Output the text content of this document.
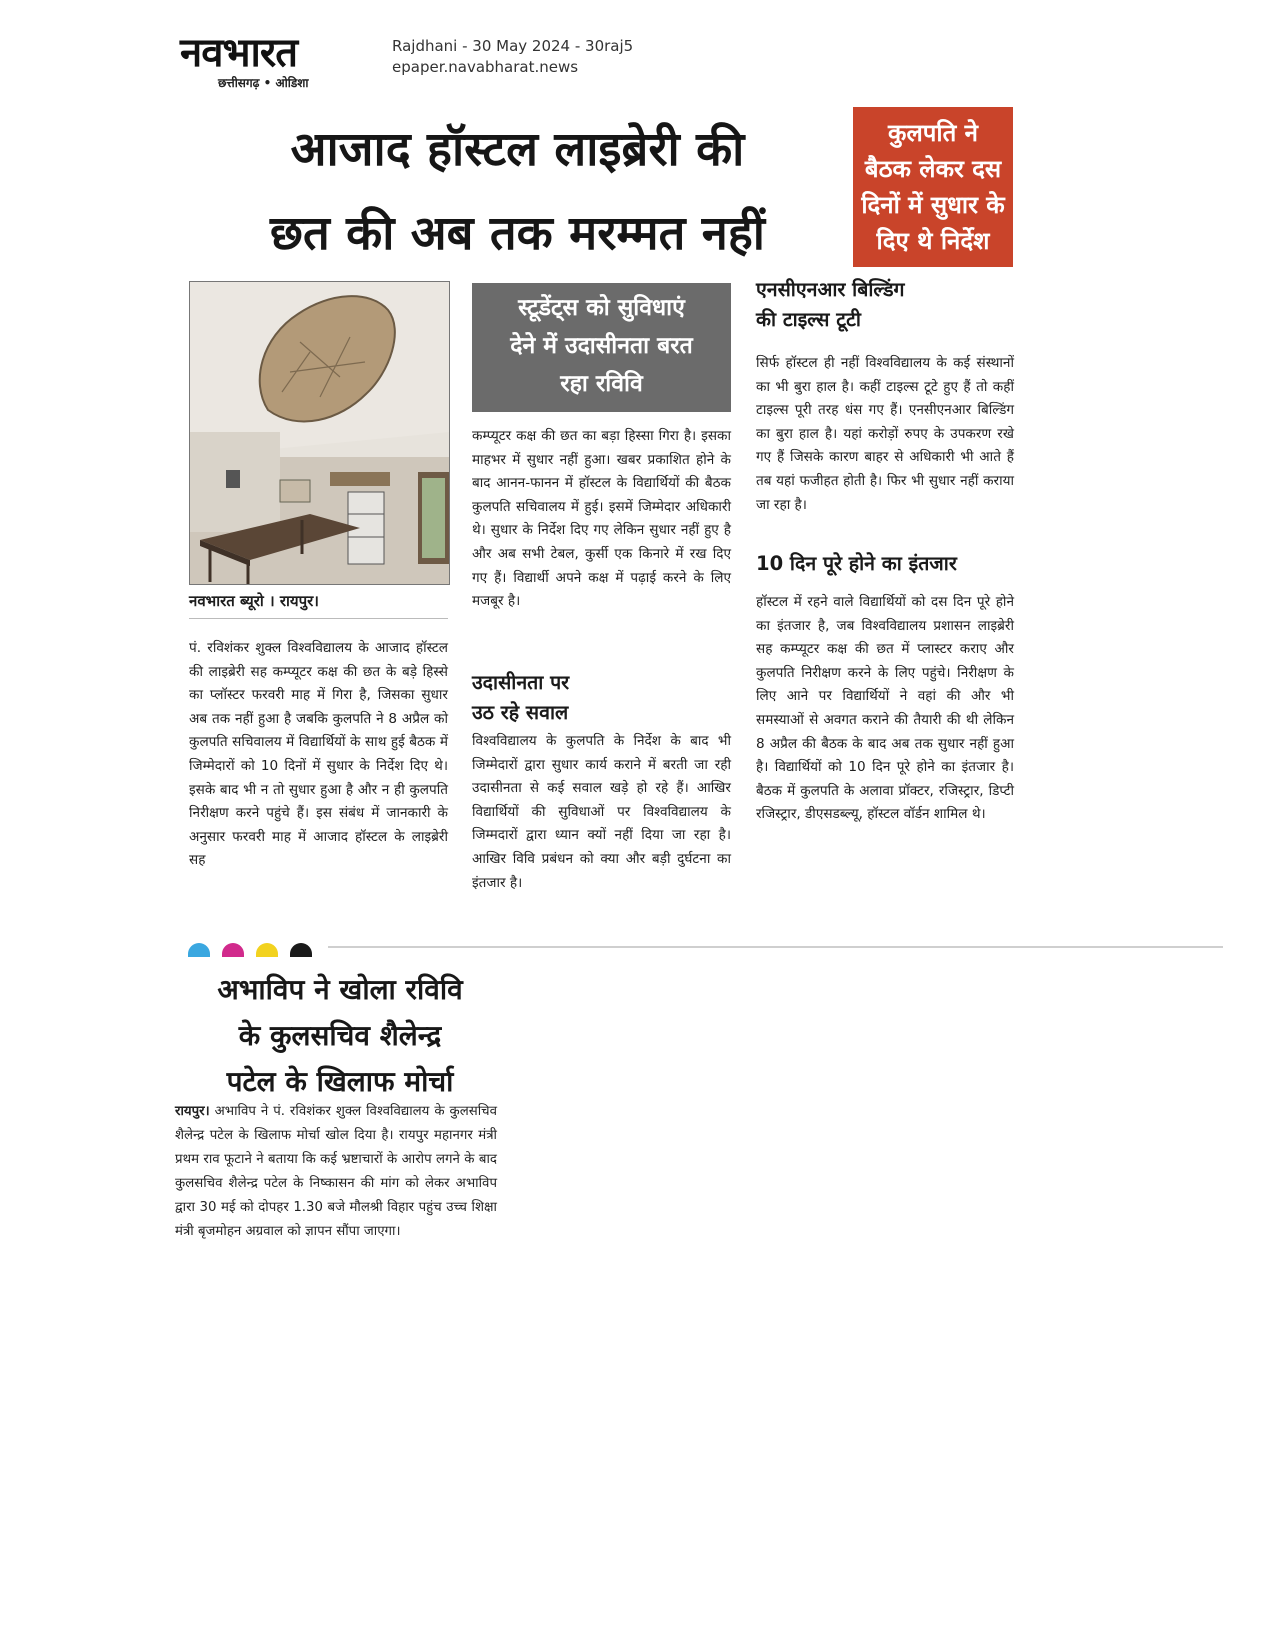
नवभारत
छत्तीसगढ़ • ओडिशा
Rajdhani - 30 May 2024 - 30raj5
epaper.navabharat.news
आजाद हॉस्टल लाइब्रेरी की
छत की अब तक मरम्मत नहीं
कुलपति ने
बैठक लेकर दस
दिनों में सुधार के
दिए थे निर्देश
नवभारत ब्यूरो । रायपुर।
पं. रविशंकर शुक्ल विश्वविद्यालय के आजाद हॉस्टल की लाइब्रेरी सह कम्प्यूटर कक्ष की छत के बड़े हिस्से का प्लॉस्टर फरवरी माह में गिरा है, जिसका सुधार अब तक नहीं हुआ है जबकि कुलपति ने 8 अप्रैल को कुलपति सचिवालय में विद्यार्थियों के साथ हुई बैठक में जिम्मेदारों को 10 दिनों में सुधार के निर्देश दिए थे। इसके बाद भी न तो सुधार हुआ है और न ही कुलपति निरीक्षण करने पहुंचे हैं। इस संबंध में जानकारी के अनुसार फरवरी माह में आजाद हॉस्टल के लाइब्रेरी सह
स्टूडेंट्स को सुविधाएं
देने में उदासीनता बरत
रहा रविवि
कम्प्यूटर कक्ष की छत का बड़ा हिस्सा गिरा है। इसका माहभर में सुधार नहीं हुआ। खबर प्रकाशित होने के बाद आनन-फानन में हॉस्टल के विद्यार्थियों की बैठक कुलपति सचिवालय में हुई। इसमें जिम्मेदार अधिकारी थे। सुधार के निर्देश दिए गए लेकिन सुधार नहीं हुए है और अब सभी टेबल, कुर्सी एक किनारे में रख दिए गए हैं। विद्यार्थी अपने कक्ष में पढ़ाई करने के लिए मजबूर है।
उदासीनता पर
उठ रहे सवाल
विश्वविद्यालय के कुलपति के निर्देश के बाद भी जिम्मेदारों द्वारा सुधार कार्य कराने में बरती जा रही उदासीनता से कई सवाल खड़े हो रहे हैं। आखिर विद्यार्थियों की सुविधाओं पर विश्वविद्यालय के जिम्मदारों द्वारा ध्यान क्यों नहीं दिया जा रहा है। आखिर विवि प्रबंधन को क्या और बड़ी दुर्घटना का इंतजार है।
एनसीएनआर बिल्डिंग
की टाइल्स टूटी
सिर्फ हॉस्टल ही नहीं विश्वविद्यालय के कई संस्थानों का भी बुरा हाल है। कहीं टाइल्स टूटे हुए हैं तो कहीं टाइल्स पूरी तरह धंस गए हैं। एनसीएनआर बिल्डिंग का बुरा हाल है। यहां करोड़ों रुपए के उपकरण रखे गए हैं जिसके कारण बाहर से अधिकारी भी आते हैं तब यहां फजीहत होती है। फिर भी सुधार नहीं कराया जा रहा है।
10 दिन पूरे होने का इंतजार
हॉस्टल में रहने वाले विद्यार्थियों को दस दिन पूरे होने का इंतजार है, जब विश्वविद्यालय प्रशासन लाइब्रेरी सह कम्प्यूटर कक्ष की छत में प्लास्टर कराए और कुलपति निरीक्षण करने के लिए पहुंचे। निरीक्षण के लिए आने पर विद्यार्थियों ने वहां की और भी समस्याओं से अवगत कराने की तैयारी की थी लेकिन 8 अप्रैल की बैठक के बाद अब तक सुधार नहीं हुआ है। विद्यार्थियों को 10 दिन पूरे होने का इंतजार है। बैठक में कुलपति के अलावा प्रॉक्टर, रजिस्ट्रार, डिप्टी रजिस्ट्रार, डीएसडब्ल्यू, हॉस्टल वॉर्डन शामिल थे।
अभाविप ने खोला रविवि
के कुलसचिव शैलेन्द्र
पटेल के खिलाफ मोर्चा
रायपुर। अभाविप ने पं. रविशंकर शुक्ल विश्वविद्यालय के कुलसचिव शैलेन्द्र पटेल के खिलाफ मोर्चा खोल दिया है। रायपुर महानगर मंत्री प्रथम राव फूटाने ने बताया कि कई भ्रष्टाचारों के आरोप लगने के बाद कुलसचिव शैलेन्द्र पटेल के निष्कासन की मांग को लेकर अभाविप द्वारा 30 मई को दोपहर 1.30 बजे मौलश्री विहार पहुंच उच्च शिक्षा मंत्री बृजमोहन अग्रवाल को ज्ञापन सौंपा जाएगा।
